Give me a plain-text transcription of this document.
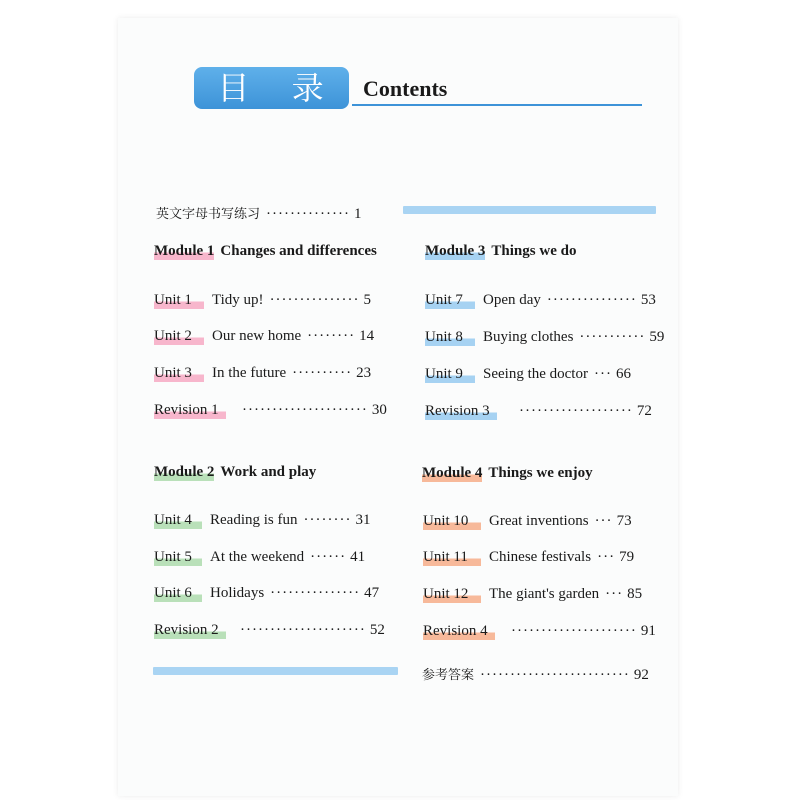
目 录	Contents
英文字母书写练习 ·············· 1
Module 1 Changes and differences
Unit 1	Tidy up! ··············· 5
Unit 2	Our new home ········ 14
Unit 3	In the future ·········· 23
Revision 1	····················· 30
Module 3 Things we do
Unit 7	Open day ··············· 53
Unit 8	Buying clothes ··········· 59
Unit 9	Seeing the doctor ··· 66
Revision 3	··················· 72
Module 2 Work and play
Unit 4	Reading is fun ········ 31
Unit 5	At the weekend ······ 41
Unit 6	Holidays ··············· 47
Revision 2	····················· 52
Module 4 Things we enjoy
Unit 10	Great inventions ··· 73
Unit 11	Chinese festivals ··· 79
Unit 12	The giant's garden ··· 85
Revision 4	····················· 91
参考答案 ························· 92
